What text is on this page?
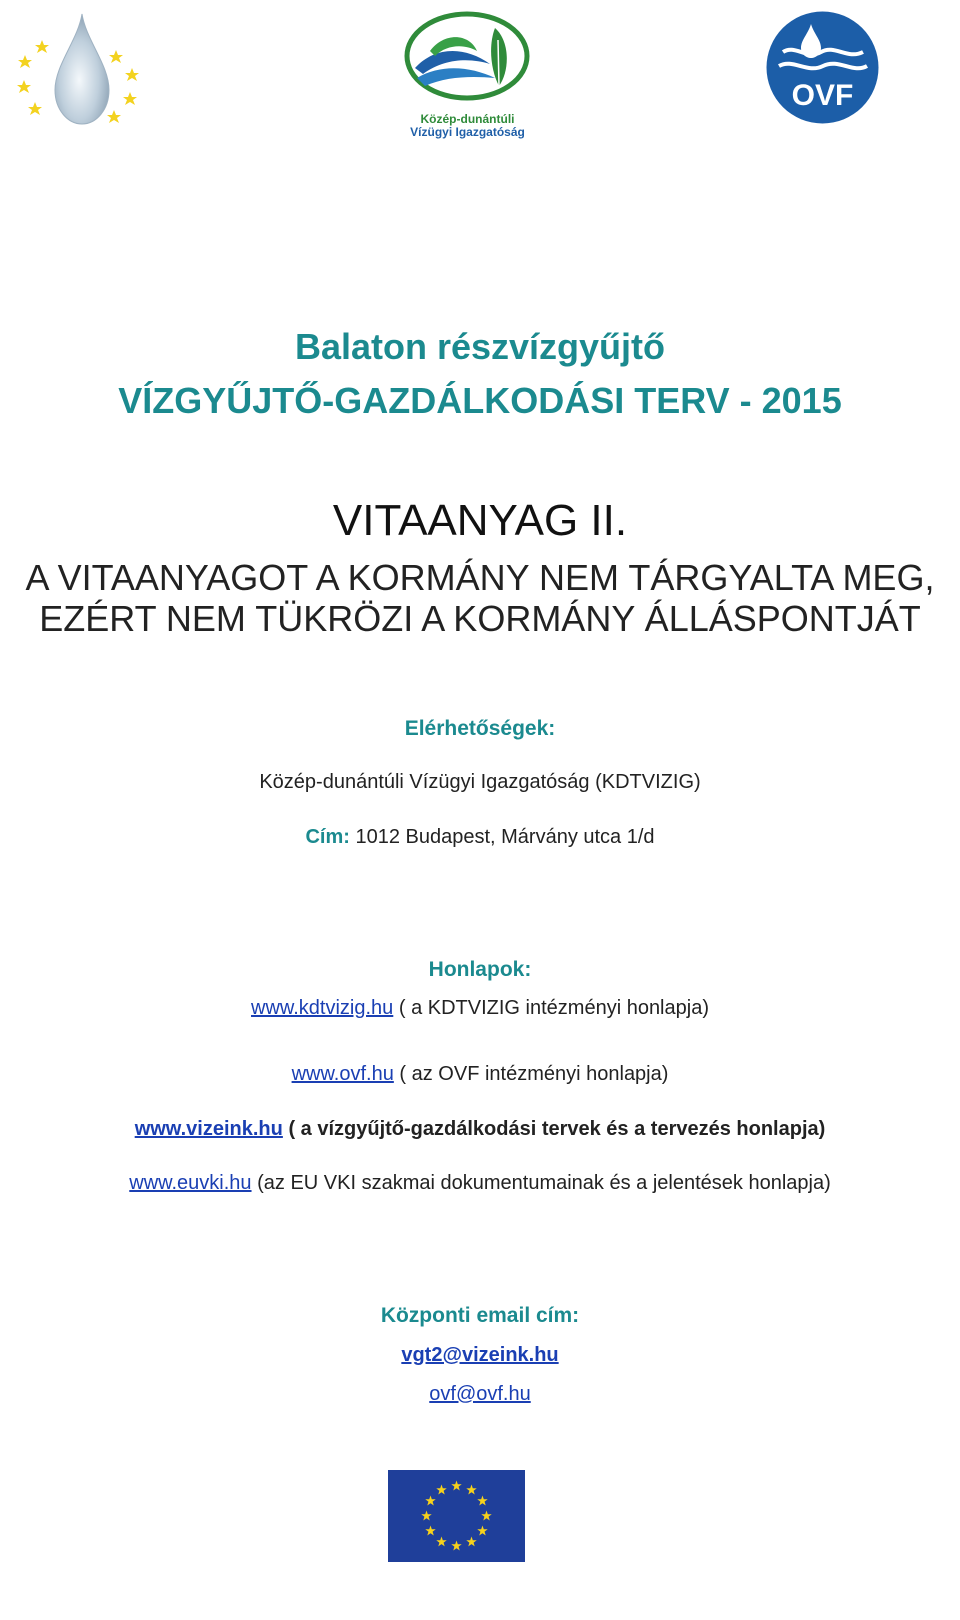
Közép-dunántúli
Vízügyi Igazgatóság
OVF
Balaton részvízgyűjtő
VÍZGYŰJTŐ-GAZDÁLKODÁSI TERV - 2015
VITAANYAG II.
A VITAANYAGOT A KORMÁNY NEM TÁRGYALTA MEG,
EZÉRT NEM TÜKRÖZI A KORMÁNY ÁLLÁSPONTJÁT
Elérhetőségek:
Közép-dunántúli Vízügyi Igazgatóság (KDTVIZIG)
Cím: 1012 Budapest, Márvány utca 1/d
Honlapok:
www.kdtvizig.hu ( a KDTVIZIG intézményi honlapja)
www.ovf.hu ( az OVF intézményi honlapja)
www.vizeink.hu ( a vízgyűjtő-gazdálkodási tervek és a tervezés honlapja)
www.euvki.hu (az EU VKI szakmai dokumentumainak és a jelentések honlapja)
Központi email cím:
vgt2@vizeink.hu
ovf@ovf.hu
